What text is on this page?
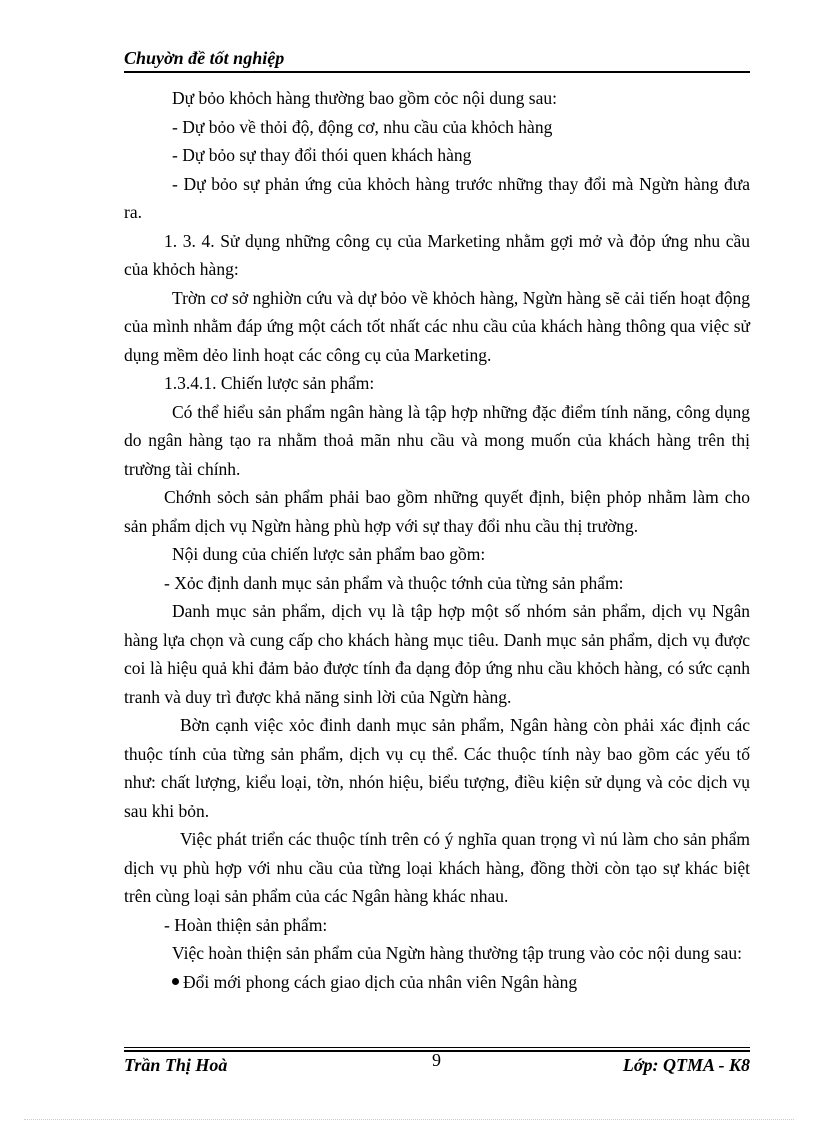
Chuyờn đề tốt nghiệp

Dự bỏo khỏch hàng thường bao gồm cỏc nội dung sau:

- Dự bỏo về thỏi độ, động cơ, nhu cầu của khỏch hàng

- Dự bỏo sự thay đổi thói quen khách hàng

- Dự bỏo sự phản ứng của khỏch hàng trước những thay đổi mà Ngừn hàng đưa ra.

1. 3. 4. Sử dụng những công cụ của Marketing nhằm gợi mở và đỏp ứng nhu cầu của khỏch hàng:

Trờn cơ sở nghiờn cứu và dự bỏo về khỏch hàng, Ngừn hàng sẽ cải tiến hoạt động của mình nhằm đáp ứng một cách tốt nhất các nhu cầu của khách hàng thông qua việc sử dụng mềm dẻo linh hoạt các công cụ của Marketing.

1.3.4.1. Chiến lược sản phẩm:

Có thể hiểu sản phẩm ngân hàng là tập hợp những đặc điểm tính năng, công dụng do ngân hàng tạo ra nhằm thoả mãn nhu cầu và mong muốn của khách hàng trên thị trường tài chính.

Chớnh sỏch sản phẩm phải bao gồm những quyết định, biện phỏp nhằm làm cho sản phẩm dịch vụ Ngừn hàng phù hợp với sự thay đổi nhu cầu thị trường.

Nội dung của chiến lược sản phẩm bao gồm:

- Xỏc định danh mục sản phẩm và thuộc tớnh của từng sản phẩm:

Danh mục sản phẩm, dịch vụ là tập hợp một số nhóm sản phẩm, dịch vụ Ngân hàng lựa chọn và cung cấp cho khách hàng mục tiêu. Danh mục sản phẩm, dịch vụ được coi là hiệu quả khi đảm bảo được tính đa dạng đỏp ứng nhu cầu khỏch hàng, có sức cạnh tranh và duy trì được khả năng sinh lời của Ngừn hàng.

Bờn cạnh việc xỏc đinh danh mục sản phẩm, Ngân hàng còn phải xác định các thuộc tính của từng sản phẩm, dịch vụ cụ thể. Các thuộc tính này bao gồm các yếu tố như: chất lượng, kiểu loại, tờn, nhón hiệu, biểu tượng, điều kiện sử dụng và cỏc dịch vụ sau khi bỏn.

Việc phát triển các thuộc tính trên có ý nghĩa quan trọng vì nú làm cho sản phẩm dịch vụ phù hợp với nhu cầu của từng loại khách hàng, đồng thời còn tạo sự khác biệt trên cùng loại sản phẩm của các Ngân hàng khác nhau.

- Hoàn thiện sản phẩm:

Việc hoàn thiện sản phẩm của Ngừn hàng thường tập trung vào cỏc nội dung sau:

Đổi mới phong cách giao dịch của nhân viên Ngân hàng

Trần Thị Hoà	9	Lớp: QTMA - K8
